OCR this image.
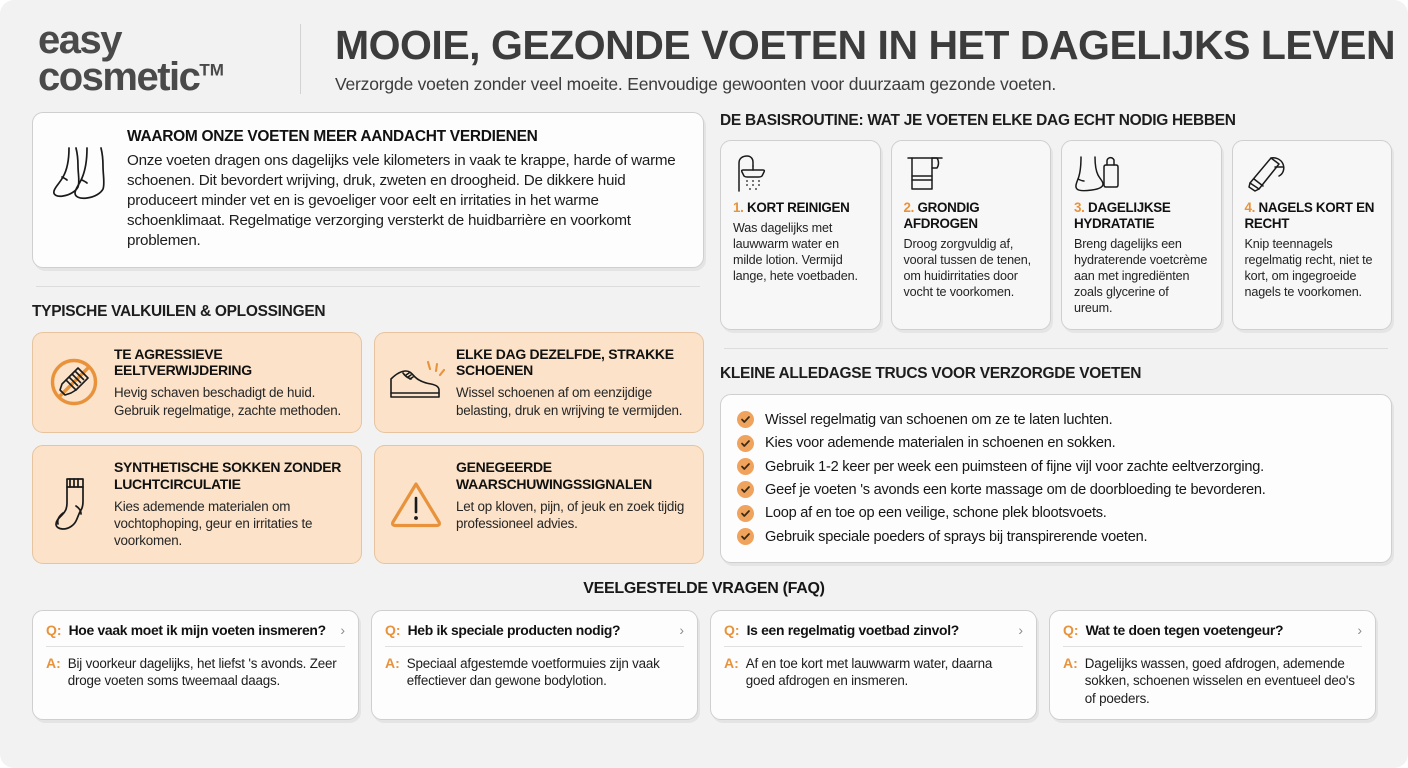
easy
cosmetic™
MOOIE, GEZONDE VOETEN IN HET DAGELIJKS LEVEN
Verzorgde voeten zonder veel moeite. Eenvoudige gewoonten voor duurzaam gezonde voeten.
WAAROM ONZE VOETEN MEER AANDACHT VERDIENEN

Onze voeten dragen ons dagelijks vele kilometers in vaak te krappe, harde of warme schoenen. Dit bevordert wrijving, druk, zweten en droogheid. De dikkere huid produceert minder vet en is gevoeliger voor eelt en irritaties in het warme schoenklimaat. Regelmatige verzorging versterkt de huidbarrière en voorkomt problemen.

TYPISCHE VALKUILEN & OPLOSSINGEN
TE AGRESSIEVE EELTVERWIJDERING

Hevig schaven beschadigt de huid. Gebruik regelmatige, zachte methoden.

ELKE DAG DEZELFDE, STRAKKE SCHOENEN

Wissel schoenen af om eenzijdige belasting, druk en wrijving te vermijden.

SYNTHETISCHE SOKKEN ZONDER LUCHTCIRCULATIE

Kies ademende materialen om vochtophoping, geur en irritaties te voorkomen.

GENEGEERDE WAARSCHUWINGSSIGNALEN

Let op kloven, pijn, of jeuk en zoek tijdig professioneel advies.

DE BASISROUTINE: WAT JE VOETEN ELKE DAG ECHT NODIG HEBBEN
1. KORT REINIGEN

Was dagelijks met lauwwarm water en milde lotion. Vermijd lange, hete voetbaden.

2. GRONDIG AFDROGEN

Droog zorgvuldig af, vooral tussen de tenen, om huidirritaties door vocht te voorkomen.

3. DAGELIJKSE HYDRATATIE

Breng dagelijks een hydraterende voetcrème aan met ingrediënten zoals glycerine of ureum.

4. NAGELS KORT EN RECHT

Knip teennagels regelmatig recht, niet te kort, om ingegroeide nagels te voorkomen.

KLEINE ALLEDAGSE TRUCS VOOR VERZORGDE VOETEN
Wissel regelmatig van schoenen om ze te laten luchten.
Kies voor ademende materialen in schoenen en sokken.
Gebruik 1-2 keer per week een puimsteen of fijne vijl voor zachte eeltverzorging.
Geef je voeten 's avonds een korte massage om de doorbloeding te bevorderen.
Loop af en toe op een veilige, schone plek blootsvoets.
Gebruik speciale poeders of sprays bij transpirerende voeten.
VEELGESTELDE VRAGEN (FAQ)
Q: Hoe vaak moet ik mijn voeten insmeren?	›
A: Bij voorkeur dagelijks, het liefst 's avonds. Zeer droge voeten soms tweemaal daags.
Q: Heb ik speciale producten nodig?	›
A: Speciaal afgestemde voetformuies zijn vaak effectiever dan gewone bodylotion.
Q: Is een regelmatig voetbad zinvol?	›
A: Af en toe kort met lauwwarm water, daarna goed afdrogen en insmeren.
Q: Wat te doen tegen voetengeur?	›
A: Dagelijks wassen, goed afdrogen, ademende sokken, schoenen wisselen en eventueel deo's of poeders.
